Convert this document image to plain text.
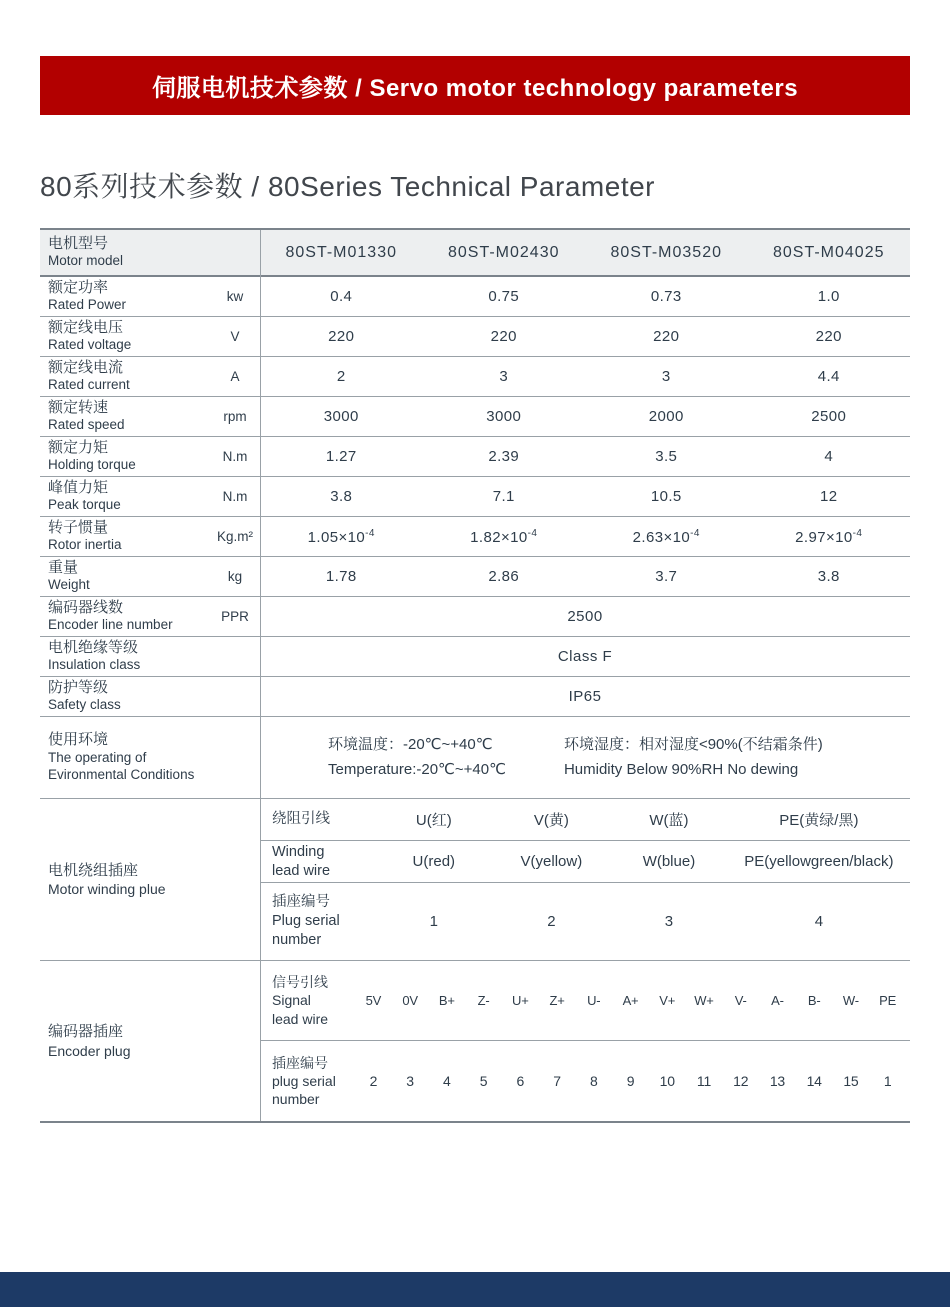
伺服电机技术参数 / Servo motor technology parameters
80系列技术参数 / 80Series Technical Parameter
电机型号
Motor model
80ST-M01330	80ST-M02430	80ST-M03520	80ST-M04025
额定功率
Rated Power
kw	0.4	0.75	0.73	1.0
额定线电压
Rated voltage
V	220	220	220	220
额定线电流
Rated current
A	2	3	3	4.4
额定转速
Rated speed
rpm	3000	3000	2000	2500
额定力矩
Holding torque
N.m	1.27	2.39	3.5	4
峰值力矩
Peak torque
N.m	3.8	7.1	10.5	12
转子惯量
Rotor inertia
Kg.m²	$1.05\times 10^{-4}$	$1.82\times 10^{-4}$	$2.63\times 10^{-4}$	$2.97\times 10^{-4}$
重量
Weight
kg	1.78	2.86	3.7	3.8
编码器线数
Encoder line number
PPR	2500
电机绝缘等级
Insulation class	Class F
防护等级
Safety class	IP65
使用环境
The operating of
Evironmental Conditions
环境温度：-20℃~+40℃
Temperature:-20℃~+40℃
环境湿度：相对湿度<90%(不结霜条件)
Humidity Below 90%RH No dewing
电机绕组插座
Motor winding plue
绕阻引线	U(红)	V(黄)	W(蓝)	PE(黄绿/黑)
Winding
lead wire
U(red)	V(yellow)	W(blue)	PE(yellowgreen/black)
插座编号
Plug serial
number
1	2	3	4
编码器插座
Encoder plug
信号引线
Signal
lead wire
5V	0V	B+	Z-	U+	Z+	U-	A+	V+	W+	V-	A-	B-	W-	PE
插座编号
plug serial
number
2	3	4	5	6	7	8	9	10	11	12	13	14	15	1
